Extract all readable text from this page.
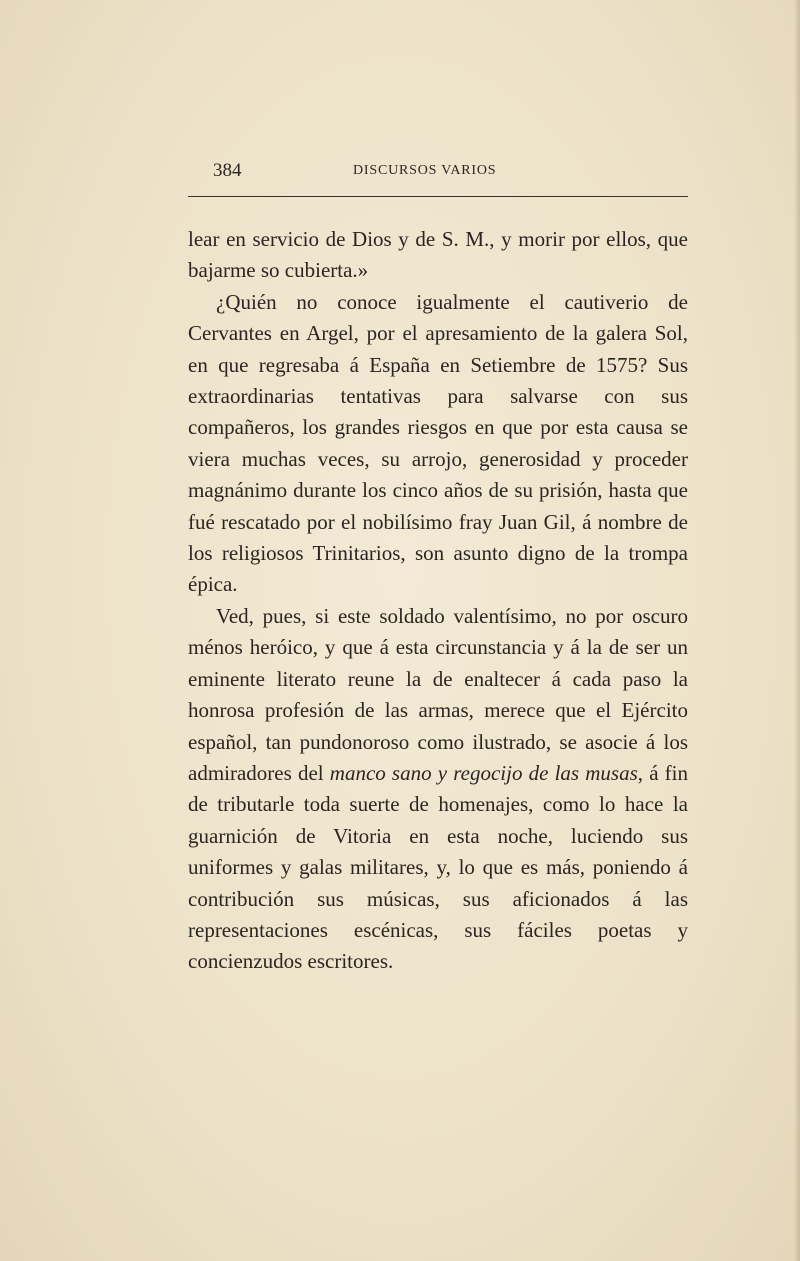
384	DISCURSOS VARIOS

lear en servicio de Dios y de S. M., y morir por ellos, que bajarme so cubierta.»

¿Quién no conoce igualmente el cautiverio de Cervantes en Argel, por el apresamiento de la galera Sol, en que regresaba á España en Setiembre de 1575? Sus extraordinarias tentativas para salvarse con sus compañeros, los grandes riesgos en que por esta causa se viera muchas veces, su arrojo, generosidad y proceder magnánimo durante los cinco años de su prisión, hasta que fué rescatado por el nobilísimo fray Juan Gil, á nombre de los religiosos Trinitarios, son asunto digno de la trompa épica.

Ved, pues, si este soldado valentísimo, no por oscuro ménos heróico, y que á esta circunstancia y á la de ser un eminente literato reune la de enaltecer á cada paso la honrosa profesión de las armas, merece que el Ejército español, tan pundonoroso como ilustrado, se asocie á los admiradores del manco sano y regocijo de las musas, á fin de tributarle toda suerte de homenajes, como lo hace la guarnición de Vitoria en esta noche, luciendo sus uniformes y galas militares, y, lo que es más, poniendo á contribución sus músicas, sus aficionados á las representaciones escénicas, sus fáciles poetas y concienzudos escritores.
